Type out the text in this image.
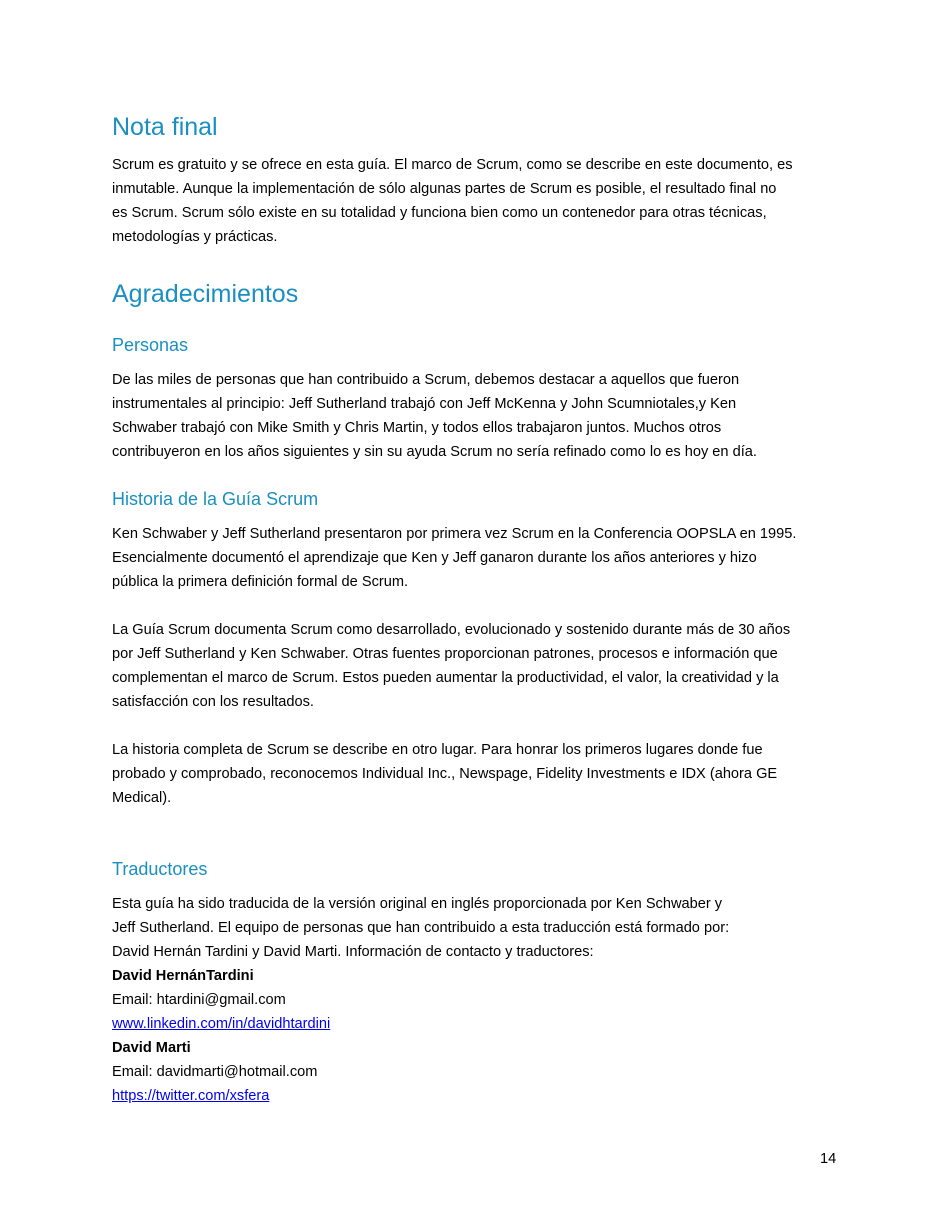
Nota final

Scrum es gratuito y se ofrece en esta guía. El marco de Scrum, como se describe en este documento, es
inmutable. Aunque la implementación de sólo algunas partes de Scrum es posible, el resultado final no
es Scrum. Scrum sólo existe en su totalidad y funciona bien como un contenedor para otras técnicas,
metodologías y prácticas.

Agradecimientos
Personas

De las miles de personas que han contribuido a Scrum, debemos destacar a aquellos que fueron
instrumentales al principio: Jeff Sutherland trabajó con Jeff McKenna y John Scumniotales,y Ken
Schwaber trabajó con Mike Smith y Chris Martin, y todos ellos trabajaron juntos. Muchos otros
contribuyeron en los años siguientes y sin su ayuda Scrum no sería refinado como lo es hoy en día.

Historia de la Guía Scrum

Ken Schwaber y Jeff Sutherland presentaron por primera vez Scrum en la Conferencia OOPSLA en 1995.
Esencialmente documentó el aprendizaje que Ken y Jeff ganaron durante los años anteriores y hizo
pública la primera definición formal de Scrum.

La Guía Scrum documenta Scrum como desarrollado, evolucionado y sostenido durante más de 30 años
por Jeff Sutherland y Ken Schwaber. Otras fuentes proporcionan patrones, procesos e información que
complementan el marco de Scrum. Estos pueden aumentar la productividad, el valor, la creatividad y la
satisfacción con los resultados.

La historia completa de Scrum se describe en otro lugar. Para honrar los primeros lugares donde fue
probado y comprobado, reconocemos Individual Inc., Newspage, Fidelity Investments e IDX (ahora GE
Medical).

Traductores

Esta guía ha sido traducida de la versión original en inglés proporcionada por Ken Schwaber y
Jeff Sutherland. El equipo de personas que han contribuido a esta traducción está formado por:
David Hernán Tardini y David Marti. Información de contacto y traductores:
David HernánTardini
Email: htardini@gmail.com
www.linkedin.com/in/davidhtardini
David Marti
Email: davidmarti@hotmail.com
https://twitter.com/xsfera

14
